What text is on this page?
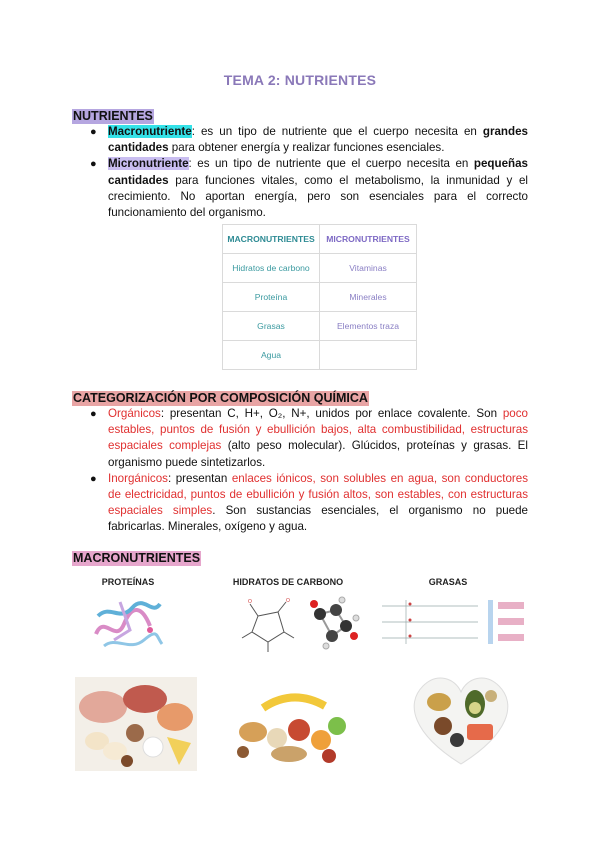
TEMA 2: NUTRIENTES
NUTRIENTES
● Macronutriente: es un tipo de nutriente que el cuerpo necesita en grandes cantidades para obtener energía y realizar funciones esenciales.
● Micronutriente: es un tipo de nutriente que el cuerpo necesita en pequeñas cantidades para funciones vitales, como el metabolismo, la inmunidad y el crecimiento. No aportan energía, pero son esenciales para el correcto funcionamiento del organismo.
MACRONUTRIENTES	MICRONUTRIENTES
Hidratos de carbono	Vitaminas
Proteína	Minerales
Grasas	Elementos traza
Agua	
CATEGORIZACIÓN POR COMPOSICIÓN QUÍMICA
● Orgánicos: presentan C, H+, O₂, N+, unidos por enlace covalente. Son poco estables, puntos de fusión y ebullición bajos, alta combustibilidad, estructuras espaciales complejas (alto peso molecular). Glúcidos, proteínas y grasas. El organismo puede sintetizarlos.
● Inorgánicos: presentan enlaces iónicos, son solubles en agua, son conductores de electricidad, puntos de ebullición y fusión altos, son estables, con estructuras espaciales simples. Son sustancias esenciales, el organismo no puede fabricarlas. Minerales, oxígeno y agua.
MACRONUTRIENTES
PROTEÍNAS	HIDRATOS DE CARBONO	GRASAS
O	O
